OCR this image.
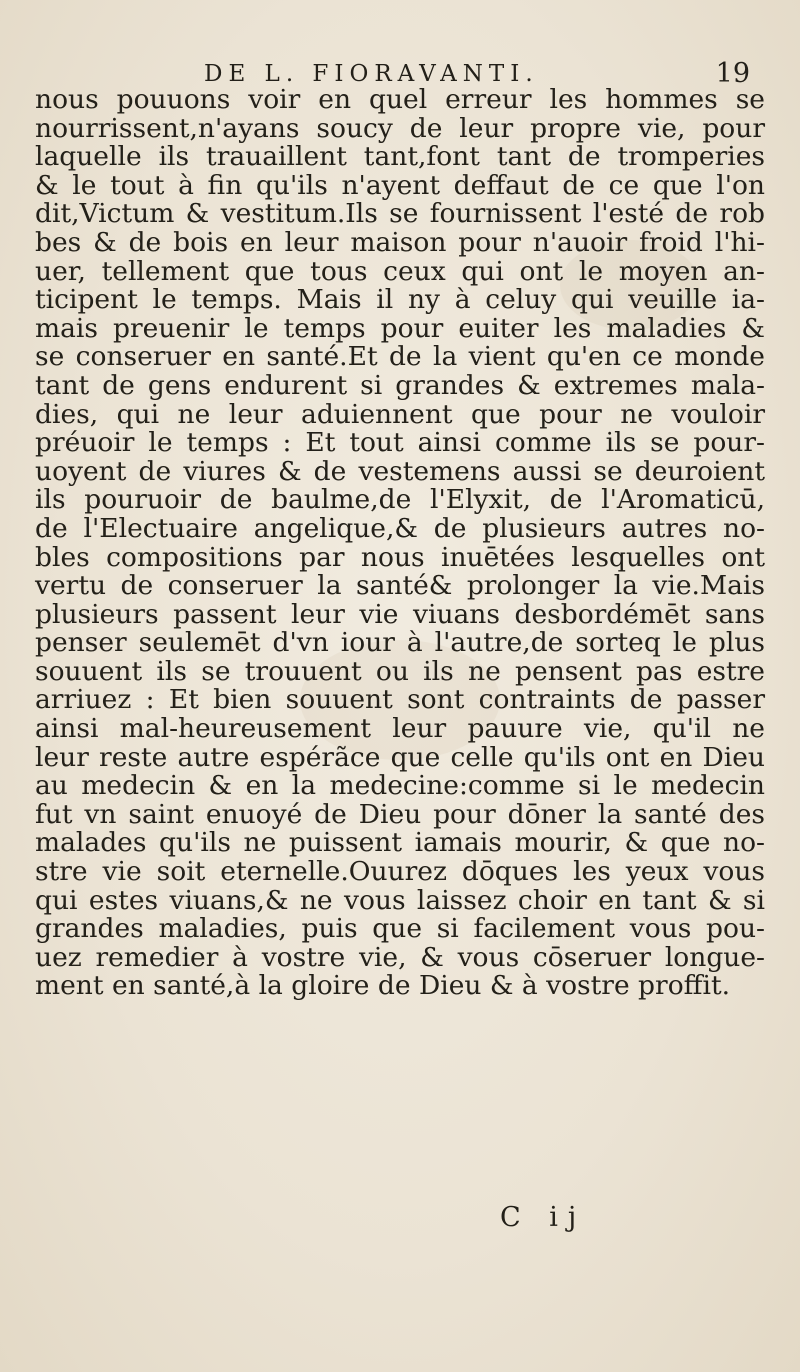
DE L. FIORAVANTI.	19
nous pouuons voir en quel erreur les hommes se
nourrissent,n'ayans soucy de leur propre vie, pour
laquelle ils trauaillent tant,font tant de tromperies
& le tout à fin qu'ils n'ayent deffaut de ce que l'on
dit,Victum & vestitum.Ils se fournissent l'esté de rob
bes & de bois en leur maison pour n'auoir froid l'hi-
uer, tellement que tous ceux qui ont le moyen an-
ticipent le temps. Mais il ny à celuy qui veuille ia-
mais preuenir le temps pour euiter les maladies &
se conseruer en santé.Et de la vient qu'en ce monde
tant de gens endurent si grandes & extremes mala-
dies, qui ne leur aduiennent que pour ne vouloir
préuoir le temps : Et tout ainsi comme ils se pour-
uoyent de viures & de vestemens aussi se deuroient
ils pouruoir de baulme,de l'Elyxit, de l'Aromaticū,
de l'Electuaire angelique,& de plusieurs autres no-
bles compositions par nous inuētées lesquelles ont
vertu de conseruer la santé& prolonger la vie.Mais
plusieurs passent leur vie viuans desbordémēt sans
penser seulemēt d'vn iour à l'autre,de sorteq le plus
souuent ils se trouuent ou ils ne pensent pas estre
arriuez : Et bien souuent sont contraints de passer
ainsi mal-heureusement leur pauure vie, qu'il ne
leur reste autre espérãce que celle qu'ils ont en Dieu
au medecin & en la medecine:comme si le medecin
fut vn saint enuoyé de Dieu pour dōner la santé des
malades qu'ils ne puissent iamais mourir, & que no-
stre vie soit eternelle.Ouurez dōques les yeux vous
qui estes viuans,& ne vous laissez choir en tant & si
grandes maladies, puis que si facilement vous pou-
uez remedier à vostre vie, & vous cōseruer longue-
ment en santé,à la gloire de Dieu & à vostre proffit.
C ij
